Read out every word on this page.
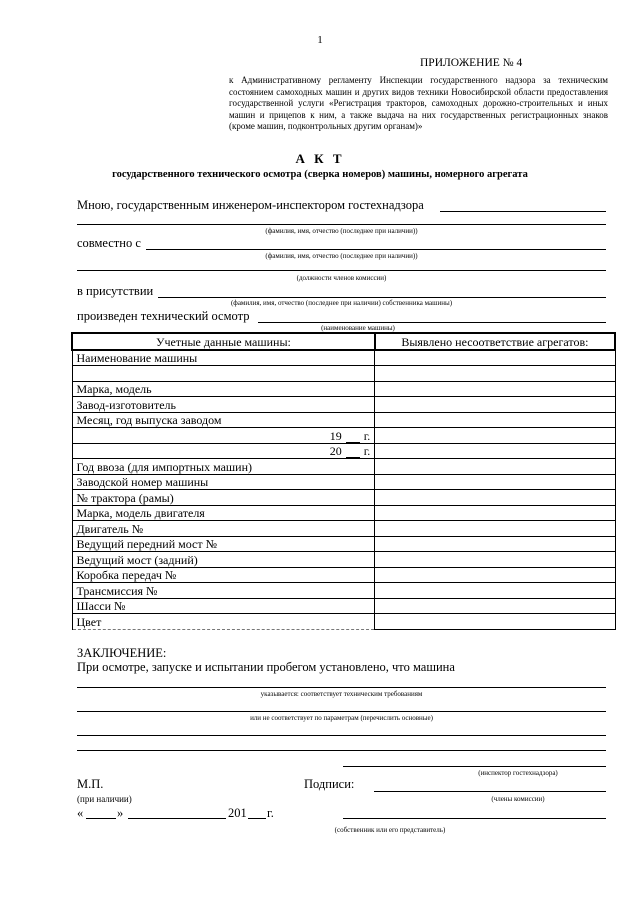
1
ПРИЛОЖЕНИЕ № 4
к Административному регламенту Инспекции государственного надзора за техническим состоянием самоходных машин и других видов техники Новосибирской области предоставления государственной услуги «Регистрация тракторов, самоходных дорожно-строительных и иных машин и прицепов к ним, а также выдача на них государственных регистрационных знаков (кроме машин, подконтрольных другим органам)»
А К Т
государственного технического осмотра (сверка номеров) машины, номерного агрегата
Мною, государственным инженером-инспектором гостехнадзора
(фамилия, имя, отчество (последнее при наличии))
совместно с
(фамилия, имя, отчество (последнее при наличии))
(должности членов комиссии)
в присутствии
(фамилия, имя, отчество (последнее при наличии) собственника машины)
произведен технический осмотр
(наименование машины)
Учетные данные машины:	Выявлено несоответствие агрегатов:
Наименование машины	

Марка, модель	
Завод-изготовитель	
Месяц, год выпуска заводом	

19 г.	

20 г.	

Год ввоза (для импортных машин)	
Заводской номер машины	
№ трактора (рамы)	
Марка, модель двигателя	
Двигатель №	
Ведущий передний мост №	
Ведущий мост (задний)	
Коробка передач №	
Трансмиссия №	
Шасси №	
Цвет	
ЗАКЛЮЧЕНИЕ:
При осмотре, запуске и испытании пробегом установлено, что машина
указывается: соответствует техническим требованиям
или не соответствует по параметрам (перечислить основные)
(инспектор гостехнадзора)
М.П.	Подписи:
(при наличии)	(члены комиссии)
«	»	201 г.
(собственник или его представитель)
